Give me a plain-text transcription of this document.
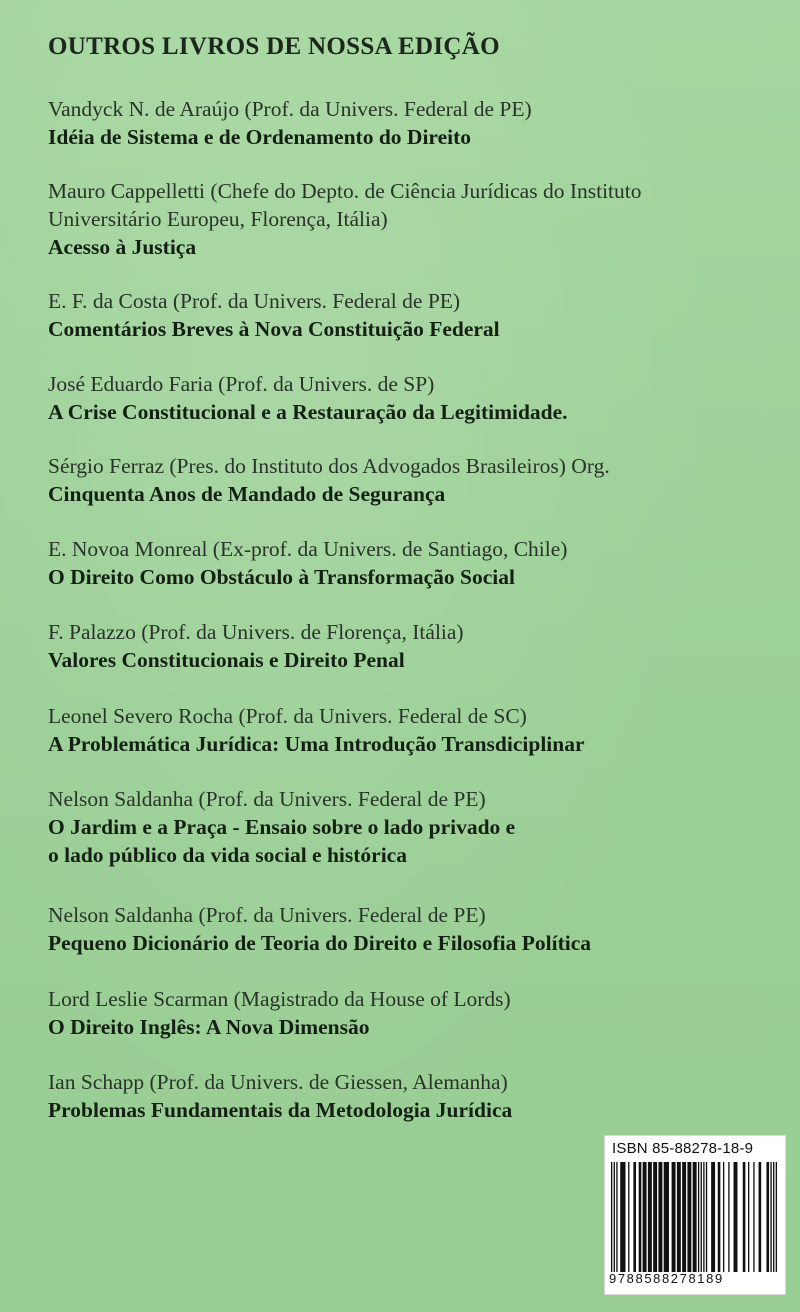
OUTROS LIVROS DE NOSSA EDIÇÃO
Vandyck N. de Araújo (Prof. da Univers. Federal de PE)
Idéia de Sistema e de Ordenamento do Direito
Mauro Cappelletti (Chefe do Depto. de Ciência Jurídicas do Instituto
Universitário Europeu, Florença, Itália)
Acesso à Justiça
E. F. da Costa (Prof. da Univers. Federal de PE)
Comentários Breves à Nova Constituição Federal
José Eduardo Faria (Prof. da Univers. de SP)
A Crise Constitucional e a Restauração da Legitimidade.
Sérgio Ferraz (Pres. do Instituto dos Advogados Brasileiros) Org.
Cinquenta Anos de Mandado de Segurança
E. Novoa Monreal (Ex-prof. da Univers. de Santiago, Chile)
O Direito Como Obstáculo à Transformação Social
F. Palazzo (Prof. da Univers. de Florença, Itália)
Valores Constitucionais e Direito Penal
Leonel Severo Rocha (Prof. da Univers. Federal de SC)
A Problemática Jurídica: Uma Introdução Transdiciplinar
Nelson Saldanha (Prof. da Univers. Federal de PE)
O Jardim e a Praça - Ensaio sobre o lado privado e
o lado público da vida social e histórica
Nelson Saldanha (Prof. da Univers. Federal de PE)
Pequeno Dicionário de Teoria do Direito e Filosofia Política
Lord Leslie Scarman (Magistrado da House of Lords)
O Direito Inglês: A Nova Dimensão
Ian Schapp (Prof. da Univers. de Giessen, Alemanha)
Problemas Fundamentais da Metodologia Jurídica
ISBN 85-88278-18-9
9788588278189
